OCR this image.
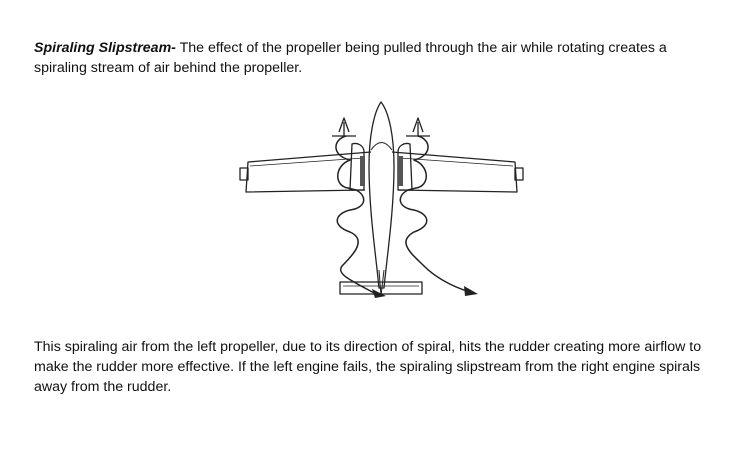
Spiraling Slipstream- The effect of the propeller being pulled through the air while rotating creates a spiraling stream of air behind the propeller.

This spiraling air from the left propeller, due to its direction of spiral, hits the rudder creating more airflow to make the rudder more effective. If the left engine fails, the spiraling slipstream from the right engine spirals away from the rudder.
